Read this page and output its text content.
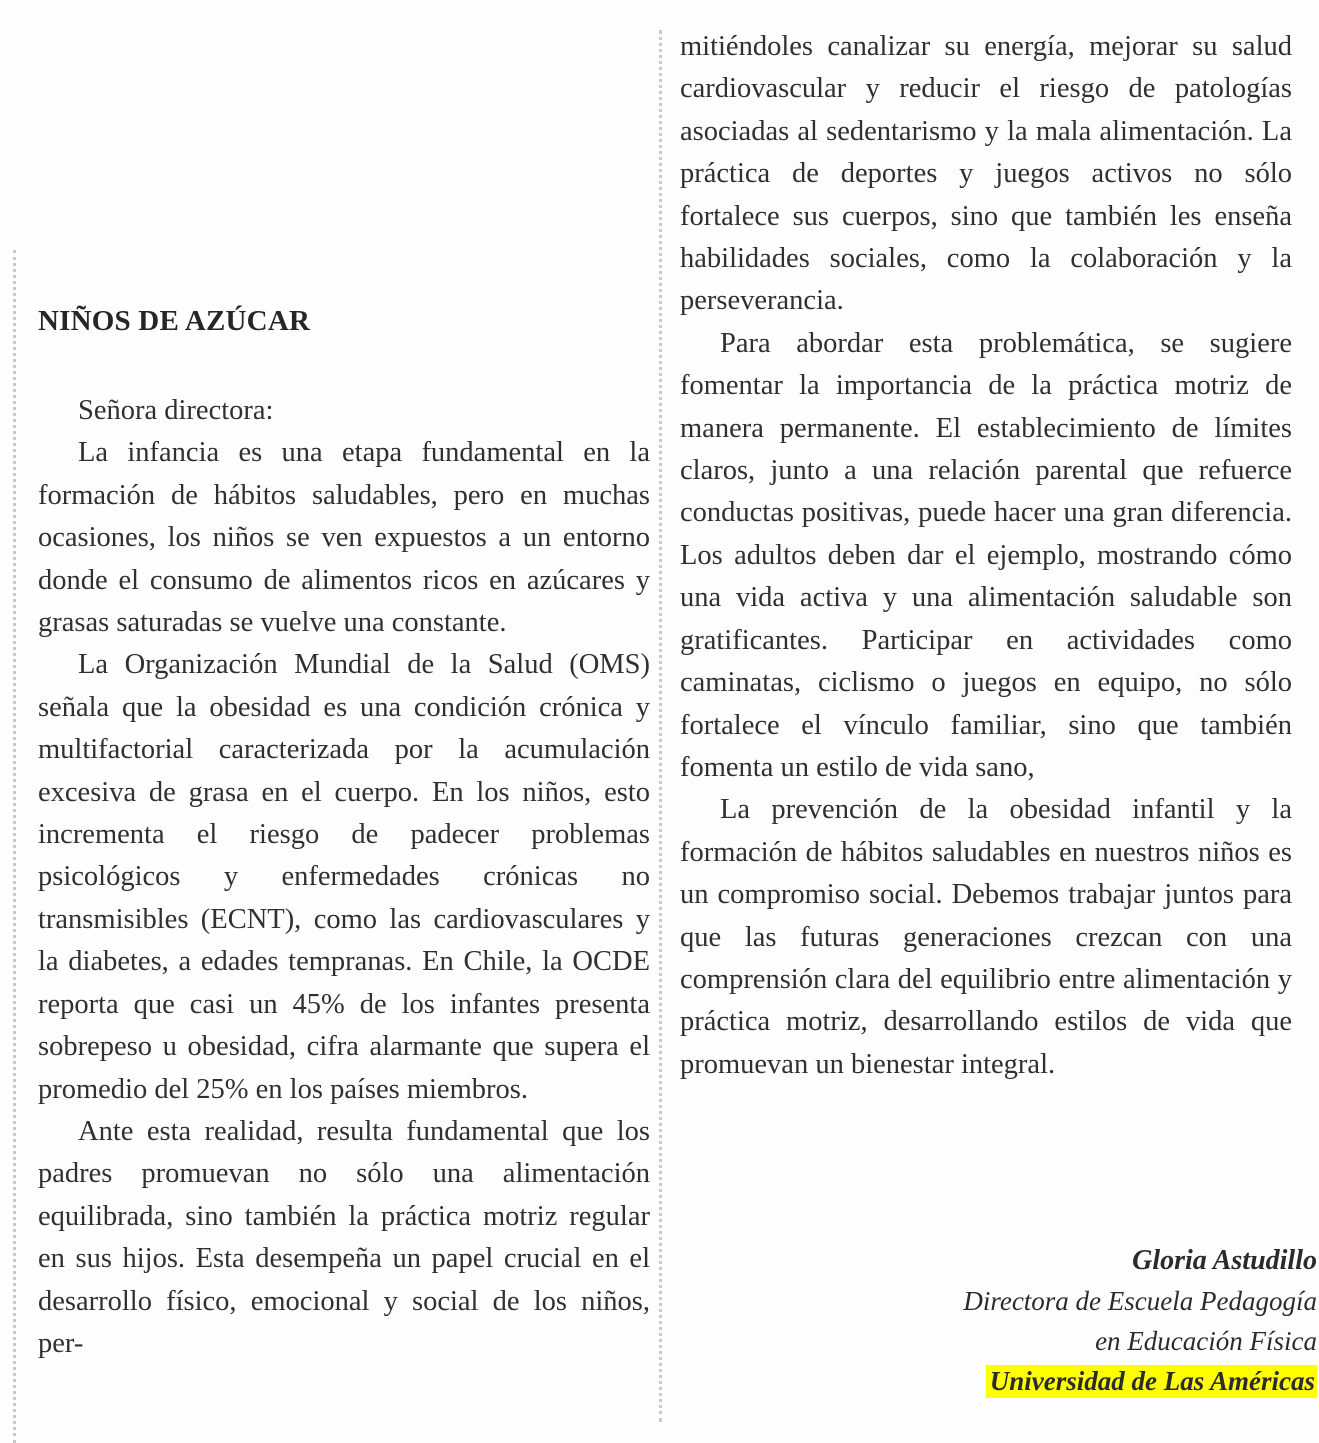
NIÑOS DE AZÚCAR

Señora directora:

La infancia es una etapa fundamental en la formación de hábitos saludables, pero en muchas ocasiones, los niños se ven expuestos a un entorno donde el consumo de alimentos ricos en azúcares y grasas saturadas se vuelve una constante.

La Organización Mundial de la Salud (OMS) señala que la obesidad es una condición crónica y multifactorial caracterizada por la acumulación excesiva de grasa en el cuerpo. En los niños, esto incrementa el riesgo de padecer problemas psicológicos y enfermedades crónicas no transmisibles (ECNT), como las cardiovasculares y la diabetes, a edades tempranas. En Chile, la OCDE reporta que casi un 45% de los infantes presenta sobrepeso u obesidad, cifra alarmante que supera el promedio del 25% en los países miembros.

Ante esta realidad, resulta fundamental que los padres promuevan no sólo una alimentación equilibrada, sino también la práctica motriz regular en sus hijos. Esta desempeña un papel crucial en el desarrollo físico, emocional y social de los niños, per-

mitiéndoles canalizar su energía, mejorar su salud cardiovascular y reducir el riesgo de patologías asociadas al sedentarismo y la mala alimentación. La práctica de deportes y juegos activos no sólo fortalece sus cuerpos, sino que también les enseña habilidades sociales, como la colaboración y la perseverancia.

Para abordar esta problemática, se sugiere fomentar la importancia de la práctica motriz de manera permanente. El establecimiento de límites claros, junto a una relación parental que refuerce conductas positivas, puede hacer una gran diferencia. Los adultos deben dar el ejemplo, mostrando cómo una vida activa y una alimentación saludable son gratificantes. Participar en actividades como caminatas, ciclismo o juegos en equipo, no sólo fortalece el vínculo familiar, sino que también fomenta un estilo de vida sano,

La prevención de la obesidad infantil y la formación de hábitos saludables en nuestros niños es un compromiso social. Debemos trabajar juntos para que las futuras generaciones crezcan con una comprensión clara del equilibrio entre alimentación y práctica motriz, desarrollando estilos de vida que promuevan un bienestar integral.

Gloria Astudillo
Directora de Escuela Pedagogía
en Educación Física
Universidad de Las Américas
